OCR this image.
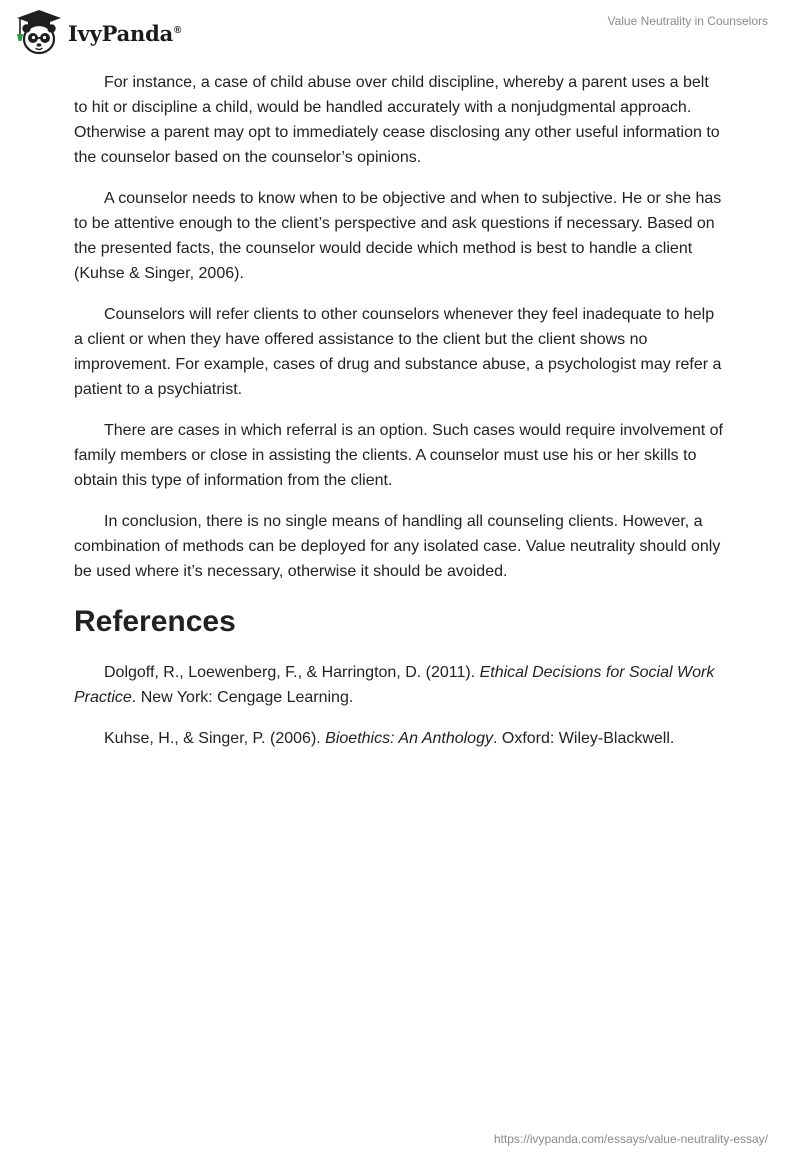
IvyPanda®
Value Neutrality in Counselors

For instance, a case of child abuse over child discipline, whereby a parent uses a belt to hit or discipline a child, would be handled accurately with a nonjudgmental approach. Otherwise a parent may opt to immediately cease disclosing any other useful information to the counselor based on the counselor’s opinions.

A counselor needs to know when to be objective and when to subjective. He or she has to be attentive enough to the client’s perspective and ask questions if necessary. Based on the presented facts, the counselor would decide which method is best to handle a client (Kuhse & Singer, 2006).

Counselors will refer clients to other counselors whenever they feel inadequate to help a client or when they have offered assistance to the client but the client shows no improvement. For example, cases of drug and substance abuse, a psychologist may refer a patient to a psychiatrist.

There are cases in which referral is an option. Such cases would require involvement of family members or close in assisting the clients. A counselor must use his or her skills to obtain this type of information from the client.

In conclusion, there is no single means of handling all counseling clients. However, a combination of methods can be deployed for any isolated case. Value neutrality should only be used where it’s necessary, otherwise it should be avoided.

References

Dolgoff, R., Loewenberg, F., & Harrington, D. (2011). Ethical Decisions for Social Work Practice. New York: Cengage Learning.

Kuhse, H., & Singer, P. (2006). Bioethics: An Anthology. Oxford: Wiley-Blackwell.

https://ivypanda.com/essays/value-neutrality-essay/
